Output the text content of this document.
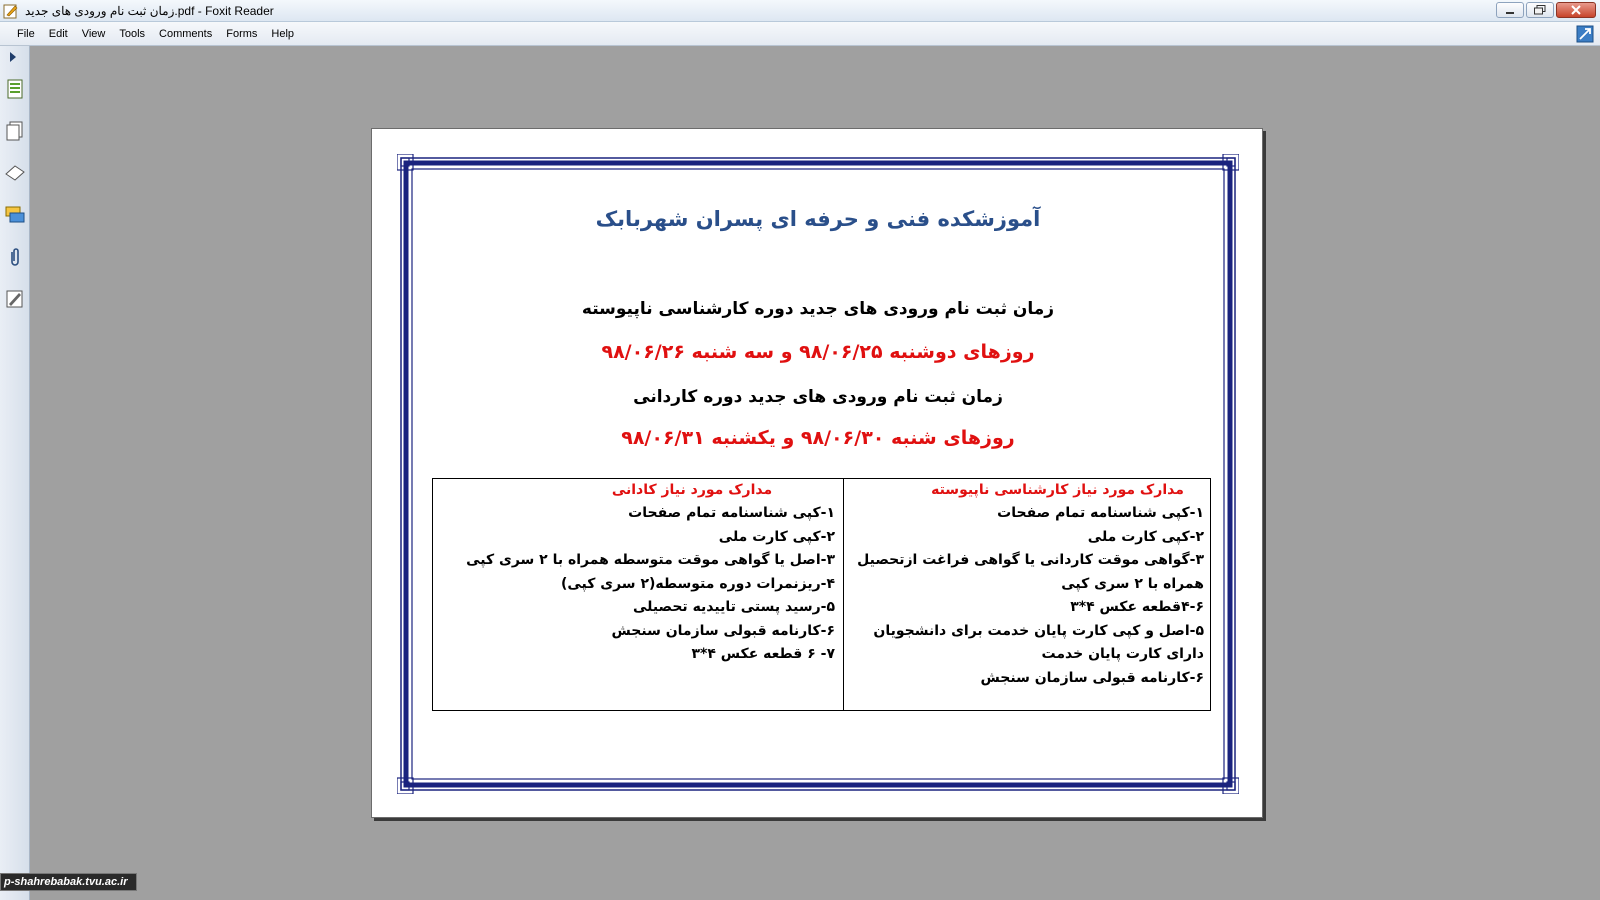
زمان ثبت نام ورودی های جدید.pdf - Foxit Reader
File	Edit	View	Tools	Comments	Forms	Help
آموزشکده فنی و حرفه ای پسران شهربابک
زمان ثبت نام ورودی های جدید دوره کارشناسی ناپیوسته
روزهای دوشنبه ۹۸/۰۶/۲۵ و سه شنبه ۹۸/۰۶/۲۶
زمان ثبت نام ورودی های جدید دوره کاردانی
روزهای شنبه ۹۸/۰۶/۳۰ و یکشنبه ۹۸/۰۶/۳۱
مدارک مورد نیاز کارشناسی ناپیوسته
۱-کپی شناسنامه تمام صفحات
۲-کپی کارت ملی
۳-گواهی موقت کاردانی یا گواهی فراغت ازتحصیل
همراه با ۲ سری کپی
۴-۶قطعه عکس ۴*۳
۵-اصل و کپی کارت پایان خدمت برای دانشجویان
دارای کارت پایان خدمت
۶-کارنامه قبولی سازمان سنجش
مدارک مورد نیاز کادانی
۱-کپی شناسنامه تمام صفحات
۲-کپی کارت ملی
۳-اصل یا گواهی موقت متوسطه همراه با ۲ سری کپی
۴-ریزنمرات دوره متوسطه(۲ سری کپی)
۵-رسید پستی تاییدیه تحصیلی
۶-کارنامه قبولی سازمان سنجش
۷- ۶ قطعه عکس ۴*۳
p-shahrebabak.tvu.ac.ir
